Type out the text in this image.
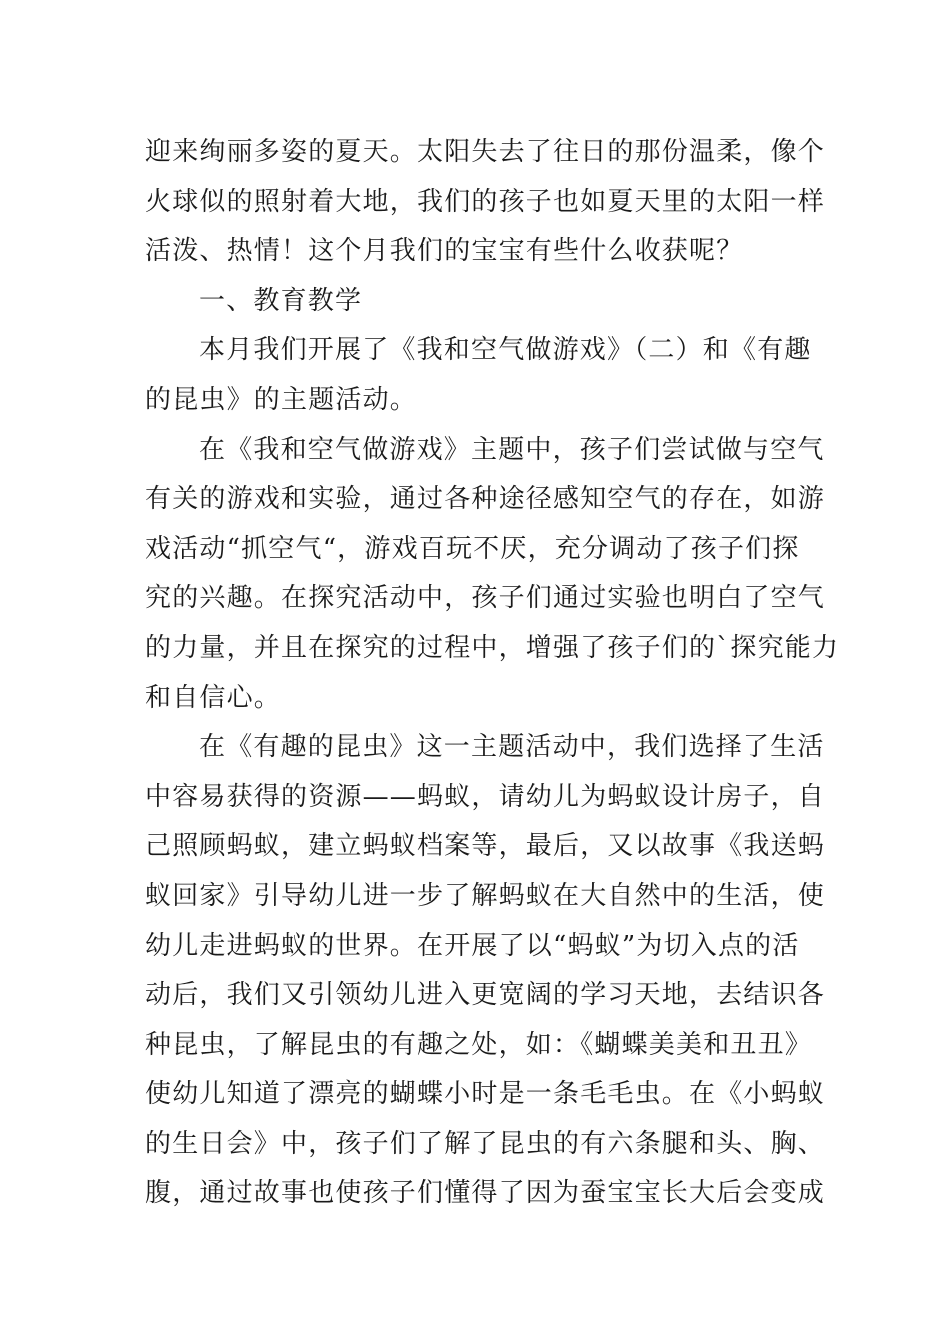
迎来绚丽多姿的夏天。太阳失去了往日的那份温柔，像个
火球似的照射着大地，我们的孩子也如夏天里的太阳一样
活泼、热情！这个月我们的宝宝有些什么收获呢？
一、教育教学
本月我们开展了《我和空气做游戏》（二）和《有趣
的昆虫》的主题活动。
在《我和空气做游戏》主题中，孩子们尝试做与空气
有关的游戏和实验，通过各种途径感知空气的存在，如游
戏活动“抓空气“，游戏百玩不厌，充分调动了孩子们探
究的兴趣。在探究活动中，孩子们通过实验也明白了空气
的力量，并且在探究的过程中，增强了孩子们的`探究能力
和自信心。
在《有趣的昆虫》这一主题活动中，我们选择了生活
中容易获得的资源——蚂蚁，请幼儿为蚂蚁设计房子，自
己照顾蚂蚁，建立蚂蚁档案等，最后，又以故事《我送蚂
蚁回家》引导幼儿进一步了解蚂蚁在大自然中的生活，使
幼儿走进蚂蚁的世界。在开展了以“蚂蚁”为切入点的活
动后，我们又引领幼儿进入更宽阔的学习天地，去结识各
种昆虫，了解昆虫的有趣之处，如：《蝴蝶美美和丑丑》
使幼儿知道了漂亮的蝴蝶小时是一条毛毛虫。在《小蚂蚁
的生日会》中，孩子们了解了昆虫的有六条腿和头、胸、
腹，通过故事也使孩子们懂得了因为蚕宝宝长大后会变成
